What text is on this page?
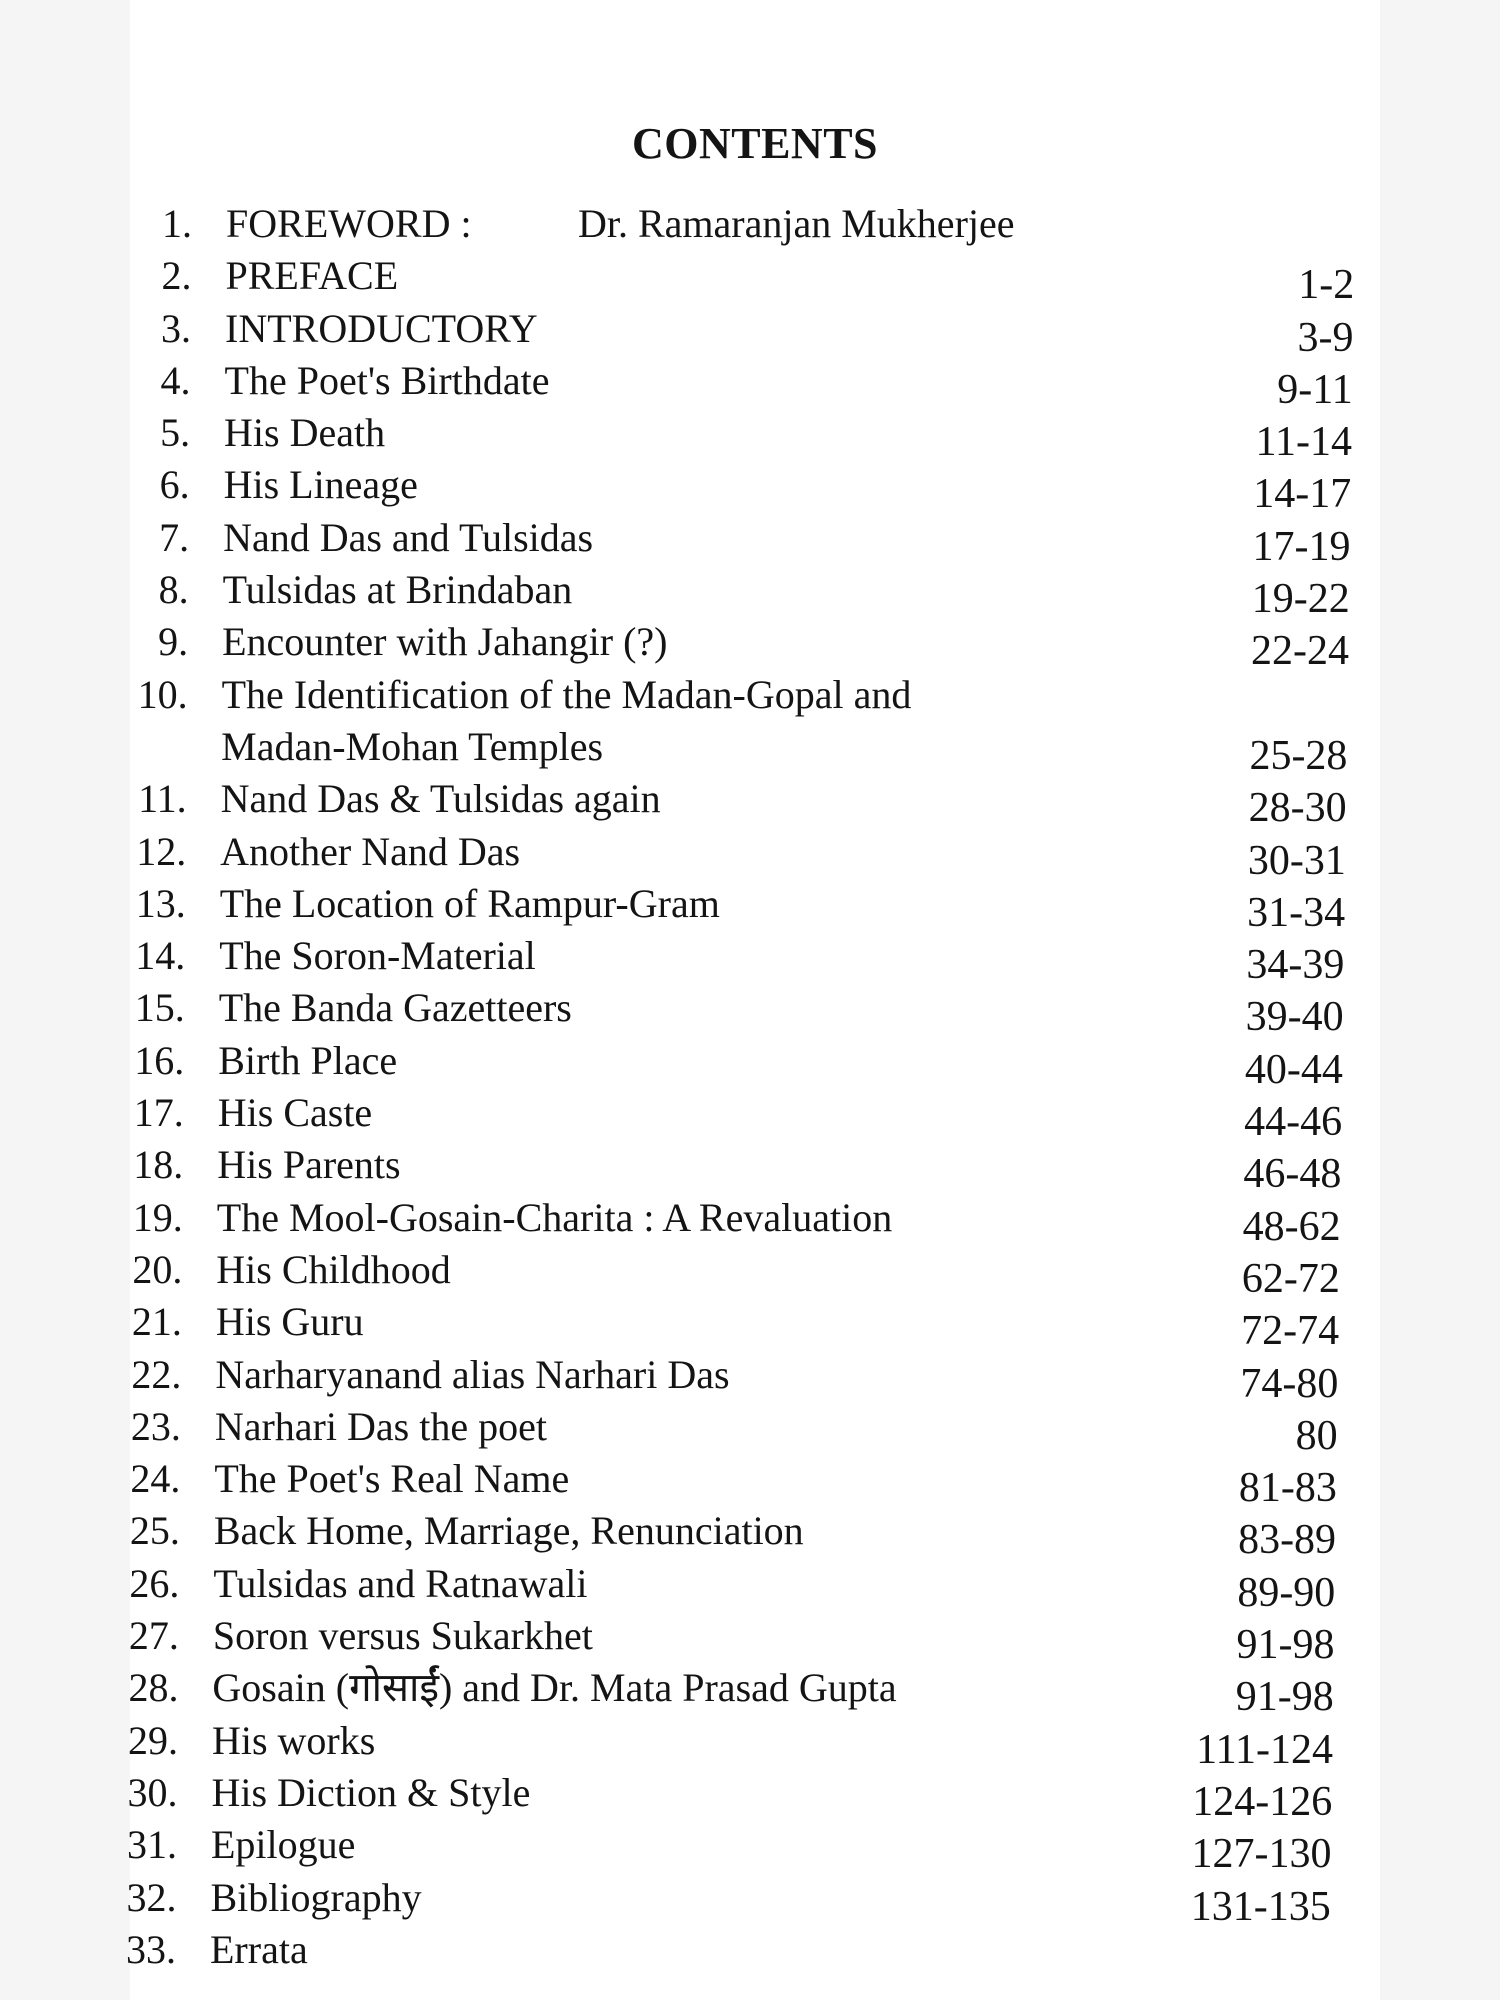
CONTENTS
1. FOREWORD :	Dr. Ramaranjan Mukherjee
2. PREFACE	1-2
3. INTRODUCTORY	3-9
4. The Poet's Birthdate	9-11
5. His Death	11-14
6. His Lineage	14-17
7. Nand Das and Tulsidas	17-19
8. Tulsidas at Brindaban	19-22
9. Encounter with Jahangir (?)	22-24
10. The Identification of the Madan-Gopal and
Madan-Mohan Temples	25-28
11. Nand Das & Tulsidas again	28-30
12. Another Nand Das	30-31
13. The Location of Rampur-Gram	31-34
14. The Soron-Material	34-39
15. The Banda Gazetteers	39-40
16. Birth Place	40-44
17. His Caste	44-46
18. His Parents	46-48
19. The Mool-Gosain-Charita : A Revaluation	48-62
20. His Childhood	62-72
21. His Guru	72-74
22. Narharyanand alias Narhari Das	74-80
23. Narhari Das the poet	80
24. The Poet's Real Name	81-83
25. Back Home, Marriage, Renunciation	83-89
26. Tulsidas and Ratnawali	89-90
27. Soron versus Sukarkhet	91-98
28. Gosain (गोसाईं) and Dr. Mata Prasad Gupta	91-98
29. His works	111-124
30. His Diction & Style	124-126
31. Epilogue	127-130
32. Bibliography	131-135
33. Errata
